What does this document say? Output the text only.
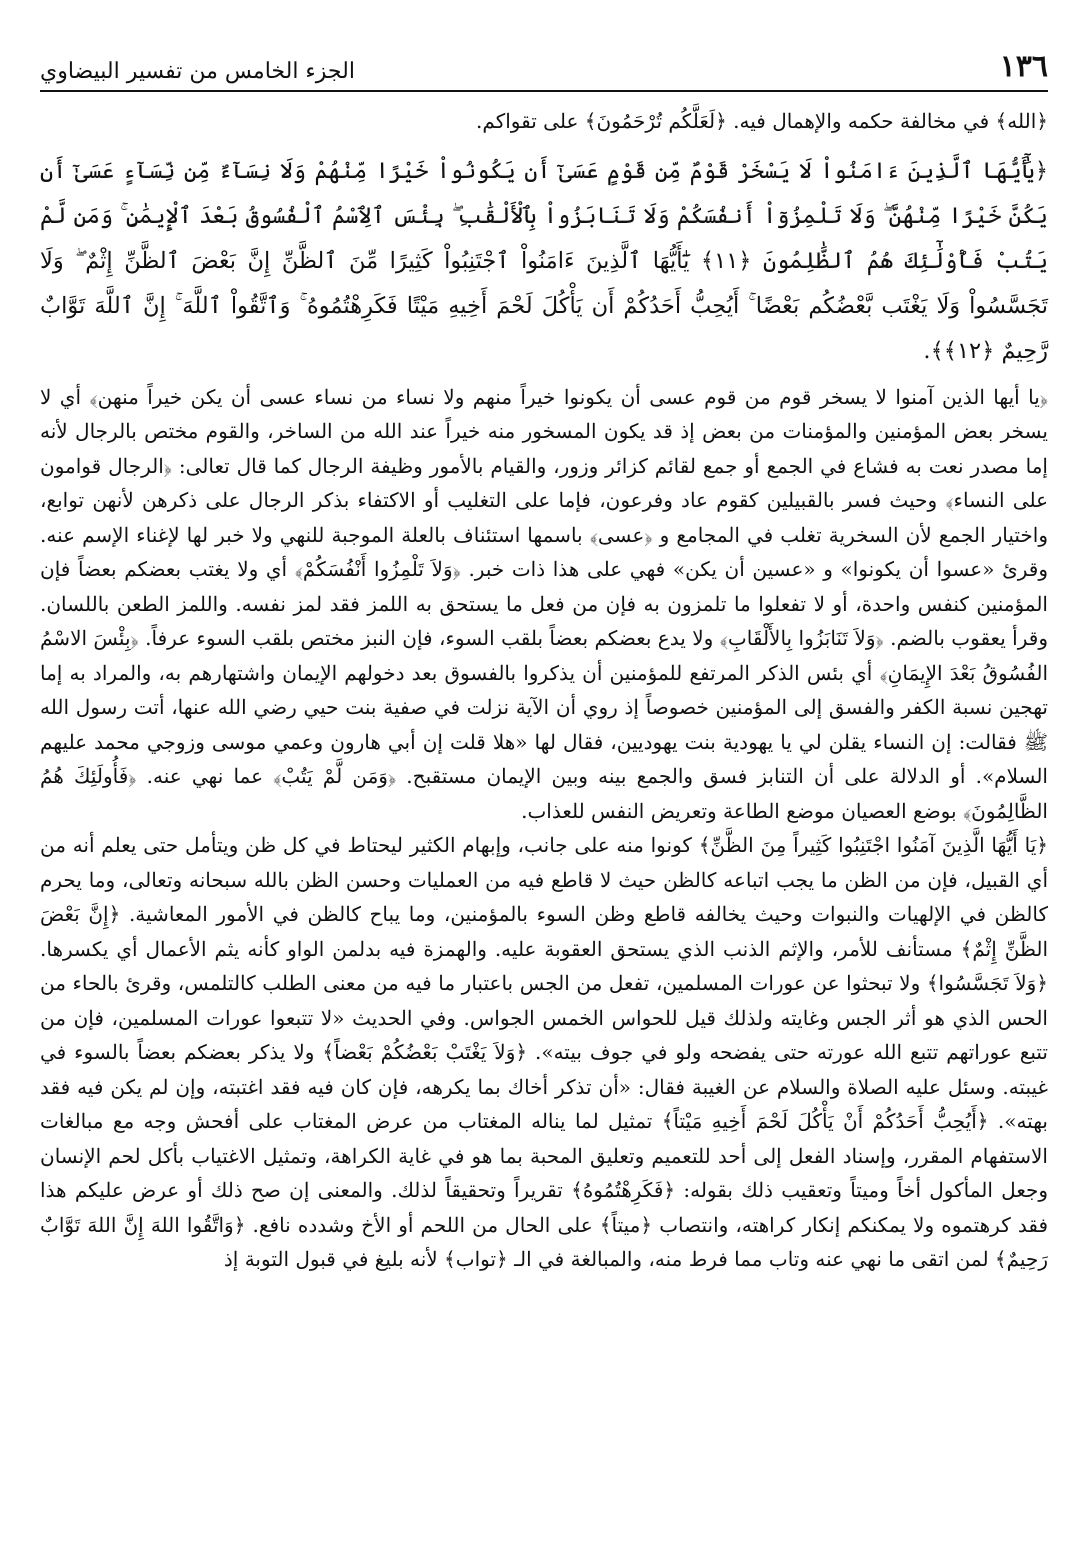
١٣٦
الجزء الخامس من تفسير البيضاوي

﴿الله﴾ في مخالفة حكمه والإهمال فيه. ﴿لَعَلَّكُم تُرْحَمُونَ﴾ على تقواكم.

﴿يَٰٓأَيُّهَا ٱلَّذِينَ ءَامَنُواْ لَا يَسْخَرْ قَوْمٌ مِّن قَوْمٍ عَسَىٰٓ أَن يَكُونُواْ خَيْرًا مِّنْهُمْ وَلَا نِسَآءٌ مِّن نِّسَآءٍ عَسَىٰٓ أَن يَكُنَّ خَيْرًا مِّنْهُنَّ ۖ وَلَا تَلْمِزُوٓاْ أَنفُسَكُمْ وَلَا تَنَابَزُواْ بِٱلْأَلْقَٰبِ ۖ بِئْسَ ٱلِٱسْمُ ٱلْفُسُوقُ بَعْدَ ٱلْإِيمَٰنِ ۚ وَمَن لَّمْ يَتُبْ فَأُوْلَٰٓئِكَ هُمُ ٱلظَّٰلِمُونَ ﴿١١﴾ يَٰٓأَيُّهَا ٱلَّذِينَ ءَامَنُواْ ٱجْتَنِبُواْ كَثِيرًا مِّنَ ٱلظَّنِّ إِنَّ بَعْضَ ٱلظَّنِّ إِثْمٌ ۖ وَلَا تَجَسَّسُواْ وَلَا يَغْتَب بَّعْضُكُم بَعْضًا ۚ أَيُحِبُّ أَحَدُكُمْ أَن يَأْكُلَ لَحْمَ أَخِيهِ مَيْتًا فَكَرِهْتُمُوهُ ۚ وَٱتَّقُواْ ٱللَّهَ ۚ إِنَّ ٱللَّهَ تَوَّابٌ رَّحِيمٌ ﴿١٢﴾﴾.

﴿يا أيها الذين آمنوا لا يسخر قوم من قوم عسى أن يكونوا خيراً منهم ولا نساء من نساء عسى أن يكن خيراً منهن﴾ أي لا يسخر بعض المؤمنين والمؤمنات من بعض إذ قد يكون المسخور منه خيراً عند الله من الساخر، والقوم مختص بالرجال لأنه إما مصدر نعت به فشاع في الجمع أو جمع لقائم كزائر وزور، والقيام بالأمور وظيفة الرجال كما قال تعالى: ﴿الرجال قوامون على النساء﴾ وحيث فسر بالقبيلين كقوم عاد وفرعون، فإما على التغليب أو الاكتفاء بذكر الرجال على ذكرهن لأنهن توابع، واختيار الجمع لأن السخرية تغلب في المجامع و ﴿عسى﴾ باسمها استئناف بالعلة الموجبة للنهي ولا خبر لها لإغناء الإسم عنه. وقرئ «عسوا أن يكونوا» و «عسين أن يكن» فهي على هذا ذات خبر. ﴿وَلاَ تَلْمِزُوا أَنْفُسَكُمْ﴾ أي ولا يغتب بعضكم بعضاً فإن المؤمنين كنفس واحدة، أو لا تفعلوا ما تلمزون به فإن من فعل ما يستحق به اللمز فقد لمز نفسه. واللمز الطعن باللسان. وقرأ يعقوب بالضم. ﴿وَلاَ تَنَابَزُوا بِالأَلْقَابِ﴾ ولا يدع بعضكم بعضاً بلقب السوء، فإن النبز مختص بلقب السوء عرفاً. ﴿بِئْسَ الاسْمُ الفُسُوقُ بَعْدَ الإِيمَانِ﴾ أي بئس الذكر المرتفع للمؤمنين أن يذكروا بالفسوق بعد دخولهم الإيمان واشتهارهم به، والمراد به إما تهجين نسبة الكفر والفسق إلى المؤمنين خصوصاً إذ روي أن الآية نزلت في صفية بنت حيي رضي الله عنها، أتت رسول الله ﷺ فقالت: إن النساء يقلن لي يا يهودية بنت يهوديين، فقال لها «هلا قلت إن أبي هارون وعمي موسى وزوجي محمد عليهم السلام». أو الدلالة على أن التنابز فسق والجمع بينه وبين الإيمان مستقبح. ﴿وَمَن لَّمْ يَتُبْ﴾ عما نهي عنه. ﴿فَأُولَئِكَ هُمُ الظَّالِمُونَ﴾ بوضع العصيان موضع الطاعة وتعريض النفس للعذاب.

﴿يَا أَيُّهَا الَّذِينَ آمَنُوا اجْتَنِبُوا كَثِيراً مِنَ الظَّنِّ﴾ كونوا منه على جانب، وإبهام الكثير ليحتاط في كل ظن ويتأمل حتى يعلم أنه من أي القبيل، فإن من الظن ما يجب اتباعه كالظن حيث لا قاطع فيه من العمليات وحسن الظن بالله سبحانه وتعالى، وما يحرم كالظن في الإلهيات والنبوات وحيث يخالفه قاطع وظن السوء بالمؤمنين، وما يباح كالظن في الأمور المعاشية. ﴿إِنَّ بَعْضَ الظَّنِّ إِثْمٌ﴾ مستأنف للأمر، والإثم الذنب الذي يستحق العقوبة عليه. والهمزة فيه بدلمن الواو كأنه يثم الأعمال أي يكسرها. ﴿وَلاَ تَجَسَّسُوا﴾ ولا تبحثوا عن عورات المسلمين، تفعل من الجس باعتبار ما فيه من معنى الطلب كالتلمس، وقرئ بالحاء من الحس الذي هو أثر الجس وغايته ولذلك قيل للحواس الخمس الجواس. وفي الحديث «لا تتبعوا عورات المسلمين، فإن من تتبع عوراتهم تتبع الله عورته حتى يفضحه ولو في جوف بيته». ﴿وَلاَ يَغْتَبْ بَعْضُكُمْ بَعْضاً﴾ ولا يذكر بعضكم بعضاً بالسوء في غيبته. وسئل عليه الصلاة والسلام عن الغيبة فقال: «أن تذكر أخاك بما يكرهه، فإن كان فيه فقد اغتبته، وإن لم يكن فيه فقد بهته». ﴿أَيُحِبُّ أَحَدُكُمْ أَنْ يَأْكُلَ لَحْمَ أَخِيهِ مَيْتاً﴾ تمثيل لما يناله المغتاب من عرض المغتاب على أفحش وجه مع مبالغات الاستفهام المقرر، وإسناد الفعل إلى أحد للتعميم وتعليق المحبة بما هو في غاية الكراهة، وتمثيل الاغتياب بأكل لحم الإنسان وجعل المأكول أخاً وميتاً وتعقيب ذلك بقوله: ﴿فَكَرِهْتُمُوهُ﴾ تقريراً وتحقيقاً لذلك. والمعنى إن صح ذلك أو عرض عليكم هذا فقد كرهتموه ولا يمكنكم إنكار كراهته، وانتصاب ﴿ميتاً﴾ على الحال من اللحم أو الأخ وشدده نافع. ﴿وَاتَّقُوا اللهَ إِنَّ اللهَ تَوَّابٌ رَحِيمٌ﴾ لمن اتقى ما نهي عنه وتاب مما فرط منه، والمبالغة في الـ ﴿تواب﴾ لأنه بليغ في قبول التوبة إذ
